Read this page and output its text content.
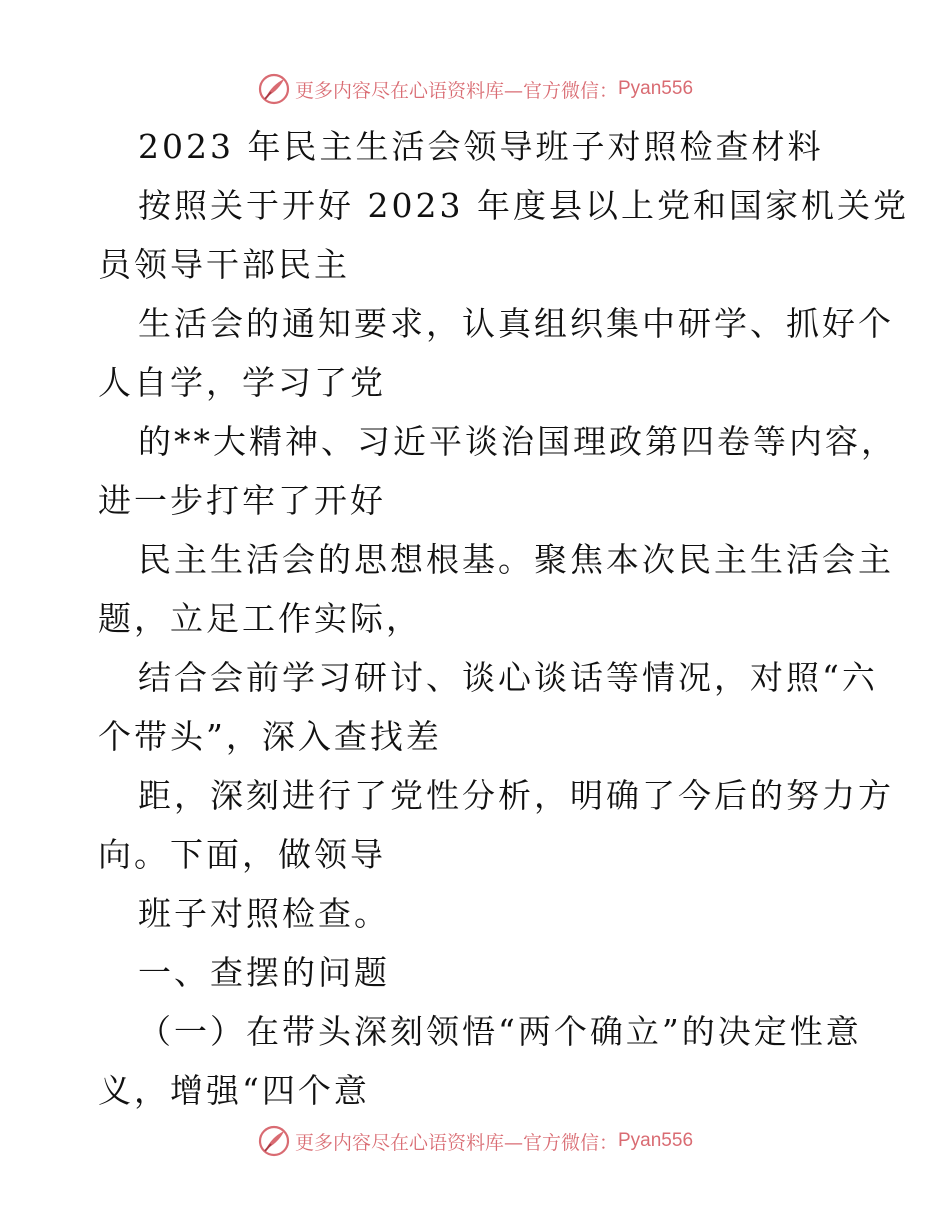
更多内容尽在心语资料库—官方微信： Pyan556
2023 年民主生活会领导班子对照检查材料
按照关于开好 2023 年度县以上党和国家机关党
员领导干部民主
生活会的通知要求，认真组织集中研学、抓好个
人自学，学习了党
的**大精神、习近平谈治国理政第四卷等内容，
进一步打牢了开好
民主生活会的思想根基。聚焦本次民主生活会主
题，立足工作实际，
结合会前学习研讨、谈心谈话等情况，对照“六
个带头”，深入查找差
距，深刻进行了党性分析，明确了今后的努力方
向。下面，做领导
班子对照检查。
一、查摆的问题
（一）在带头深刻领悟“两个确立”的决定性意
义，增强“四个意
更多内容尽在心语资料库—官方微信： Pyan556
